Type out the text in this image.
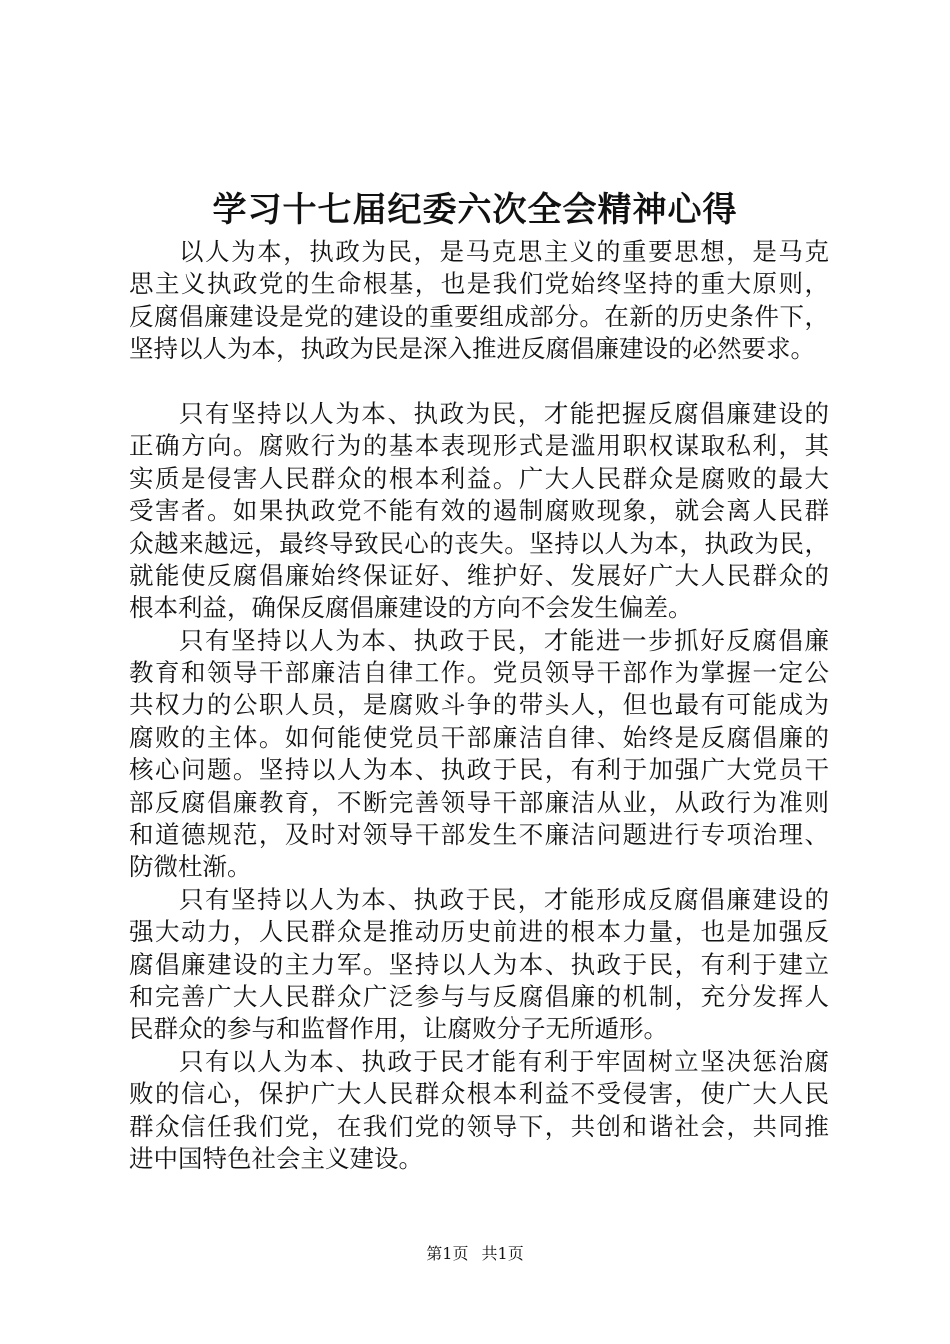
学习十七届纪委六次全会精神心得

以人为本，执政为民，是马克思主义的重要思想，是马克
思主义执政党的生命根基，也是我们党始终坚持的重大原则，
反腐倡廉建设是党的建设的重要组成部分。在新的历史条件下，
坚持以人为本，执政为民是深入推进反腐倡廉建设的必然要求。

只有坚持以人为本、执政为民，才能把握反腐倡廉建设的
正确方向。腐败行为的基本表现形式是滥用职权谋取私利，其
实质是侵害人民群众的根本利益。广大人民群众是腐败的最大
受害者。如果执政党不能有效的遏制腐败现象，就会离人民群
众越来越远，最终导致民心的丧失。坚持以人为本，执政为民，
就能使反腐倡廉始终保证好、维护好、发展好广大人民群众的
根本利益，确保反腐倡廉建设的方向不会发生偏差。

只有坚持以人为本、执政于民，才能进一步抓好反腐倡廉
教育和领导干部廉洁自律工作。党员领导干部作为掌握一定公
共权力的公职人员，是腐败斗争的带头人，但也最有可能成为
腐败的主体。如何能使党员干部廉洁自律、始终是反腐倡廉的
核心问题。坚持以人为本、执政于民，有利于加强广大党员干
部反腐倡廉教育，不断完善领导干部廉洁从业，从政行为准则
和道德规范，及时对领导干部发生不廉洁问题进行专项治理、
防微杜渐。

只有坚持以人为本、执政于民，才能形成反腐倡廉建设的
强大动力，人民群众是推动历史前进的根本力量，也是加强反
腐倡廉建设的主力军。坚持以人为本、执政于民，有利于建立
和完善广大人民群众广泛参与与反腐倡廉的机制，充分发挥人
民群众的参与和监督作用，让腐败分子无所遁形。

只有以人为本、执政于民才能有利于牢固树立坚决惩治腐
败的信心，保护广大人民群众根本利益不受侵害，使广大人民
群众信任我们党，在我们党的领导下，共创和谐社会，共同推
进中国特色社会主义建设。

第1页 共1页
